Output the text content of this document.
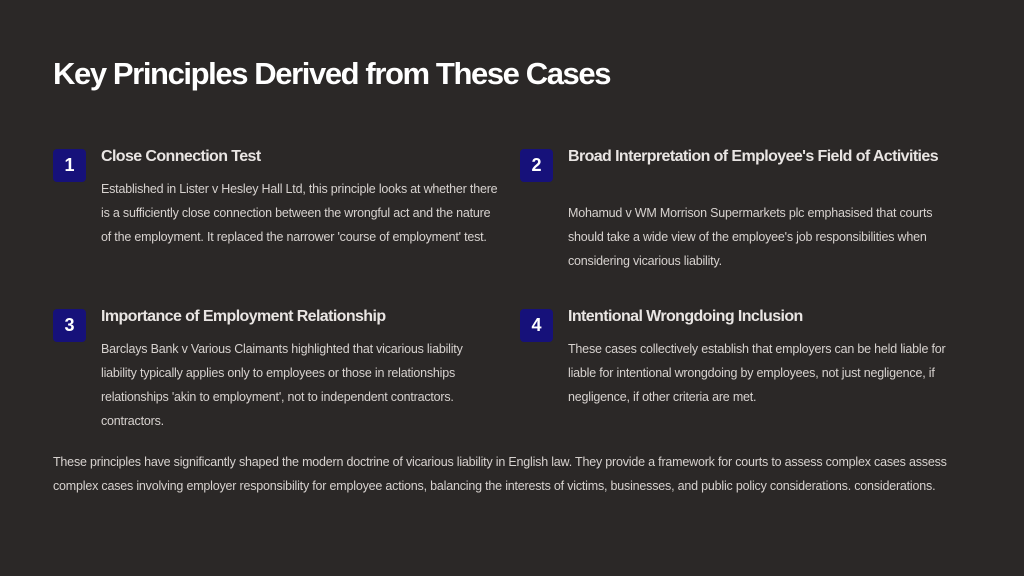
Key Principles Derived from These Cases
1	Close Connection Test

Established in Lister v Hesley Hall Ltd, this principle looks at whether there is a sufficiently close connection between the wrongful act and the nature of the employment. It replaced the narrower 'course of employment' test.

2	Broad Interpretation of Employee's Field of Activities

Mohamud v WM Morrison Supermarkets plc emphasised that courts should take a wide view of the employee's job responsibilities when considering vicarious liability.

3	Importance of Employment Relationship

Barclays Bank v Various Claimants highlighted that vicarious liability liability typically applies only to employees or those in relationships relationships 'akin to employment', not to independent contractors. contractors.

4	Intentional Wrongdoing Inclusion

These cases collectively establish that employers can be held liable for liable for intentional wrongdoing by employees, not just negligence, if negligence, if other criteria are met.

These principles have significantly shaped the modern doctrine of vicarious liability in English law. They provide a framework for courts to assess complex cases assess complex cases involving employer responsibility for employee actions, balancing the interests of victims, businesses, and public policy considerations. considerations.
